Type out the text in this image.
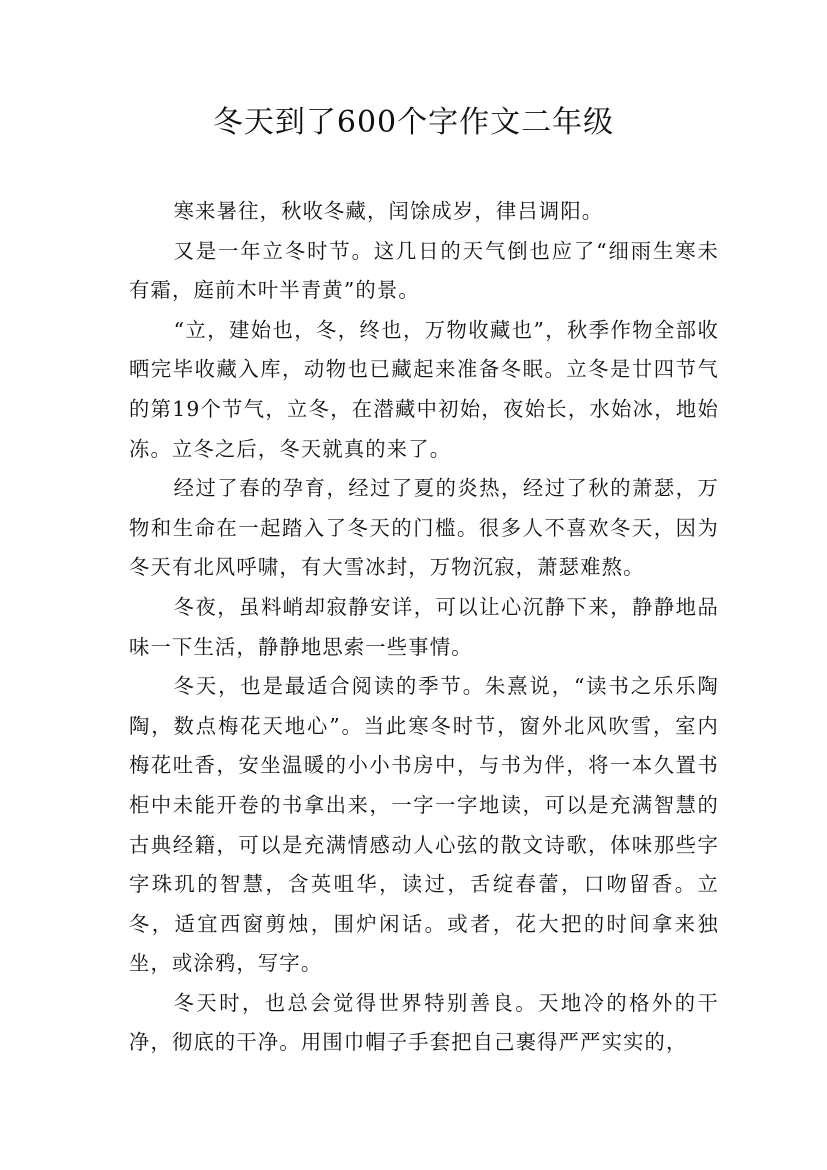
冬天到了600个字作文二年级

寒来暑往，秋收冬藏，闰馀成岁，律吕调阳。

又是一年立冬时节。这几日的天气倒也应了“细雨生寒未有霜，庭前木叶半青黄”的景。

“立，建始也，冬，终也，万物收藏也”，秋季作物全部收晒完毕收藏入库，动物也已藏起来准备冬眠。立冬是廿四节气的第19个节气，立冬，在潜藏中初始，夜始长，水始冰，地始冻。立冬之后，冬天就真的来了。

经过了春的孕育，经过了夏的炎热，经过了秋的萧瑟，万物和生命在一起踏入了冬天的门槛。很多人不喜欢冬天，因为冬天有北风呼啸，有大雪冰封，万物沉寂，萧瑟难熬。

冬夜，虽料峭却寂静安详，可以让心沉静下来，静静地品味一下生活，静静地思索一些事情。

冬天，也是最适合阅读的季节。朱熹说，“读书之乐乐陶陶，数点梅花天地心”。当此寒冬时节，窗外北风吹雪，室内梅花吐香，安坐温暖的小小书房中，与书为伴，将一本久置书柜中未能开卷的书拿出来，一字一字地读，可以是充满智慧的古典经籍，可以是充满情感动人心弦的散文诗歌，体味那些字字珠玑的智慧，含英咀华，读过，舌绽春蕾，口吻留香。立冬，适宜西窗剪烛，围炉闲话。或者，花大把的时间拿来独坐，或涂鸦，写字。

冬天时，也总会觉得世界特别善良。天地冷的格外的干净，彻底的干净。用围巾帽子手套把自己裹得严严实实的，
